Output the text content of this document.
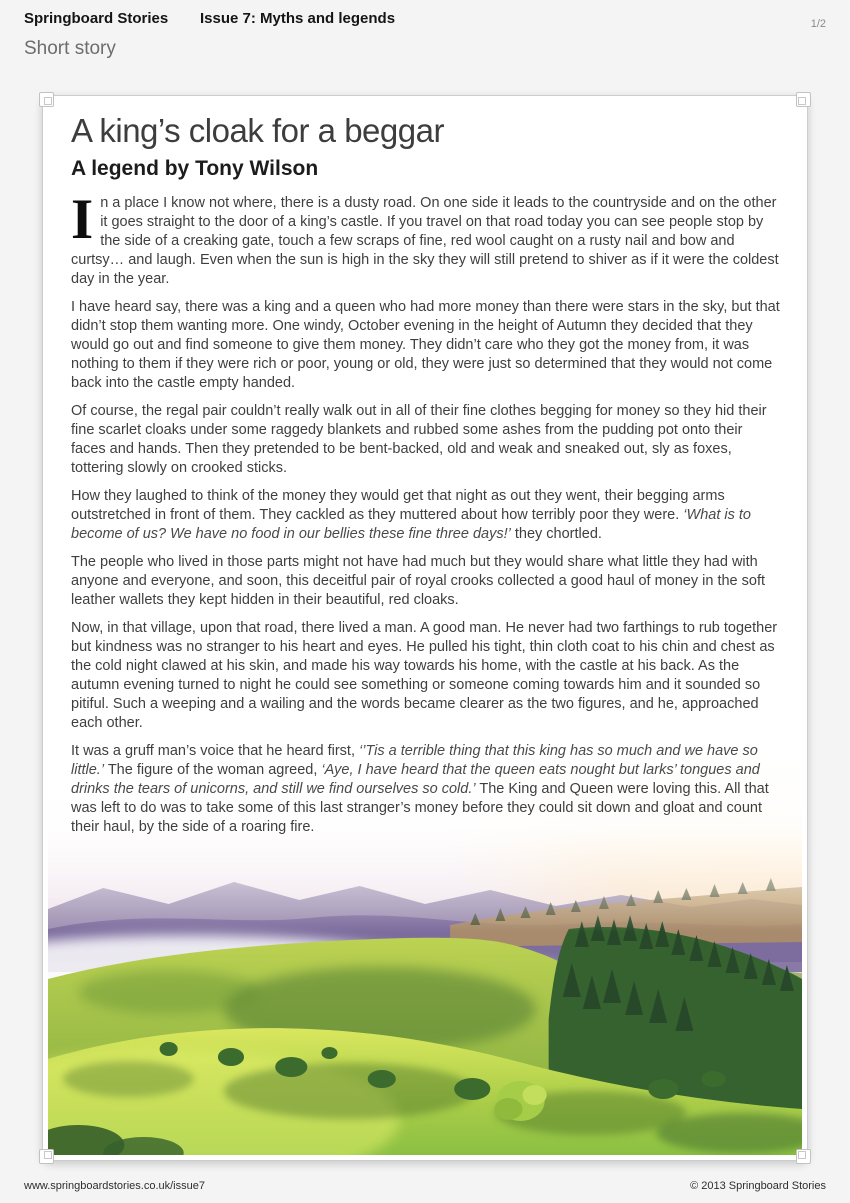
Springboard Stories Issue 7: Myths and legends	1/2
Short story
A king’s cloak for a beggar
A legend by Tony Wilson

In a place I know not where, there is a dusty road. On one side it leads to the countryside and on the other it goes straight to the door of a king’s castle. If you travel on that road today you can see people stop by the side of a creaking gate, touch a few scraps of fine, red wool caught on a rusty nail and bow and curtsy… and laugh. Even when the sun is high in the sky they will still pretend to shiver as if it were the coldest day in the year.

I have heard say, there was a king and a queen who had more money than there were stars in the sky, but that didn’t stop them wanting more. One windy, October evening in the height of Autumn they decided that they would go out and find someone to give them money. They didn’t care who they got the money from, it was nothing to them if they were rich or poor, young or old, they were just so determined that they would not come back into the castle empty handed.

Of course, the regal pair couldn’t really walk out in all of their fine clothes begging for money so they hid their fine scarlet cloaks under some raggedy blankets and rubbed some ashes from the pudding pot onto their faces and hands. Then they pretended to be bent-backed, old and weak and sneaked out, sly as foxes, tottering slowly on crooked sticks.

How they laughed to think of the money they would get that night as out they went, their begging arms outstretched in front of them. They cackled as they muttered about how terribly poor they were. ‘What is to become of us? We have no food in our bellies these fine three days!’ they chortled.

The people who lived in those parts might not have had much but they would share what little they had with anyone and everyone, and soon, this deceitful pair of royal crooks collected a good haul of money in the soft leather wallets they kept hidden in their beautiful, red cloaks.

Now, in that village, upon that road, there lived a man. A good man. He never had two farthings to rub together but kindness was no stranger to his heart and eyes. He pulled his tight, thin cloth coat to his chin and chest as the cold night clawed at his skin, and made his way towards his home, with the castle at his back. As the autumn evening turned to night he could see something or someone coming towards him and it sounded so pitiful. Such a weeping and a wailing and the words became clearer as the two figures, and he, approached each other.

It was a gruff man’s voice that he heard first, ‘’Tis a terrible thing that this king has so much and we have so little.’ The figure of the woman agreed, ‘Aye, I have heard that the queen eats nought but larks’ tongues and drinks the tears of unicorns, and still we find ourselves so cold.’ The King and Queen were loving this. All that was left to do was to take some of this last stranger’s money before they could sit down and gloat and count their haul, by the side of a roaring fire.

www.springboardstories.co.uk/issue7	© 2013 Springboard Stories
